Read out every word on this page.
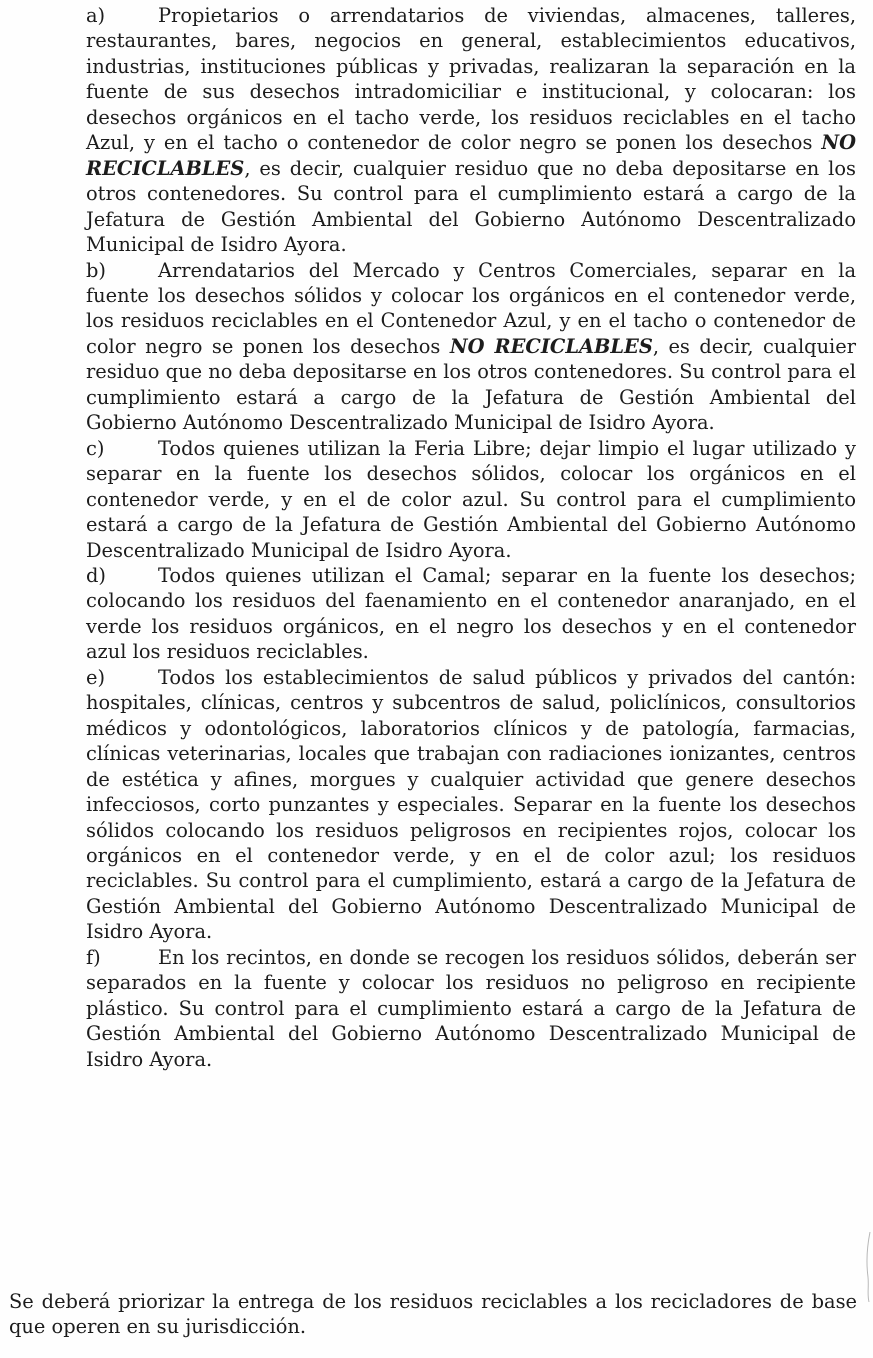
a)	Propietarios o arrendatarios de viviendas, almacenes, talleres, restaurantes, bares, negocios en general, establecimientos educativos, industrias, instituciones públicas y privadas, realizaran la separación en la fuente de sus desechos intradomiciliar e institucional, y colocaran: los desechos orgánicos en el tacho verde, los residuos reciclables en el tacho Azul, y en el tacho o contenedor de color negro se ponen los desechos NO RECICLABLES, es decir, cualquier residuo que no deba depositarse en los otros contenedores. Su control para el cumplimiento estará a cargo de la Jefatura de Gestión Ambiental del Gobierno Autónomo Descentralizado Municipal de Isidro Ayora.

b)	Arrendatarios del Mercado y Centros Comerciales, separar en la fuente los desechos sólidos y colocar los orgánicos en el contenedor verde, los residuos reciclables en el Contenedor Azul, y en el tacho o contenedor de color negro se ponen los desechos NO RECICLABLES, es decir, cualquier residuo que no deba depositarse en los otros contenedores. Su control para el cumplimiento estará a cargo de la Jefatura de Gestión Ambiental del Gobierno Autónomo Descentralizado Municipal de Isidro Ayora.

c)	Todos quienes utilizan la Feria Libre; dejar limpio el lugar utilizado y separar en la fuente los desechos sólidos, colocar los orgánicos en el contenedor verde, y en el de color azul. Su control para el cumplimiento estará a cargo de la Jefatura de Gestión Ambiental del Gobierno Autónomo Descentralizado Municipal de Isidro Ayora.

d)	Todos quienes utilizan el Camal; separar en la fuente los desechos; colocando los residuos del faenamiento en el contenedor anaranjado, en el verde los residuos orgánicos, en el negro los desechos y en el contenedor azul los residuos reciclables.

e)	Todos los establecimientos de salud públicos y privados del cantón: hospitales, clínicas, centros y subcentros de salud, policlínicos, consultorios médicos y odontológicos, laboratorios clínicos y de patología, farmacias, clínicas veterinarias, locales que trabajan con radiaciones ionizantes, centros de estética y afines, morgues y cualquier actividad que genere desechos infecciosos, corto punzantes y especiales. Separar en la fuente los desechos sólidos colocando los residuos peligrosos en recipientes rojos, colocar los orgánicos en el contenedor verde, y en el de color azul; los residuos reciclables. Su control para el cumplimiento, estará a cargo de la Jefatura de Gestión Ambiental del Gobierno Autónomo Descentralizado Municipal de Isidro Ayora.

f)	En los recintos, en donde se recogen los residuos sólidos, deberán ser separados en la fuente y colocar los residuos no peligroso en recipiente plástico. Su control para el cumplimiento estará a cargo de la Jefatura de Gestión Ambiental del Gobierno Autónomo Descentralizado Municipal de Isidro Ayora.

Se deberá priorizar la entrega de los residuos reciclables a los recicladores de base que operen en su jurisdicción.
